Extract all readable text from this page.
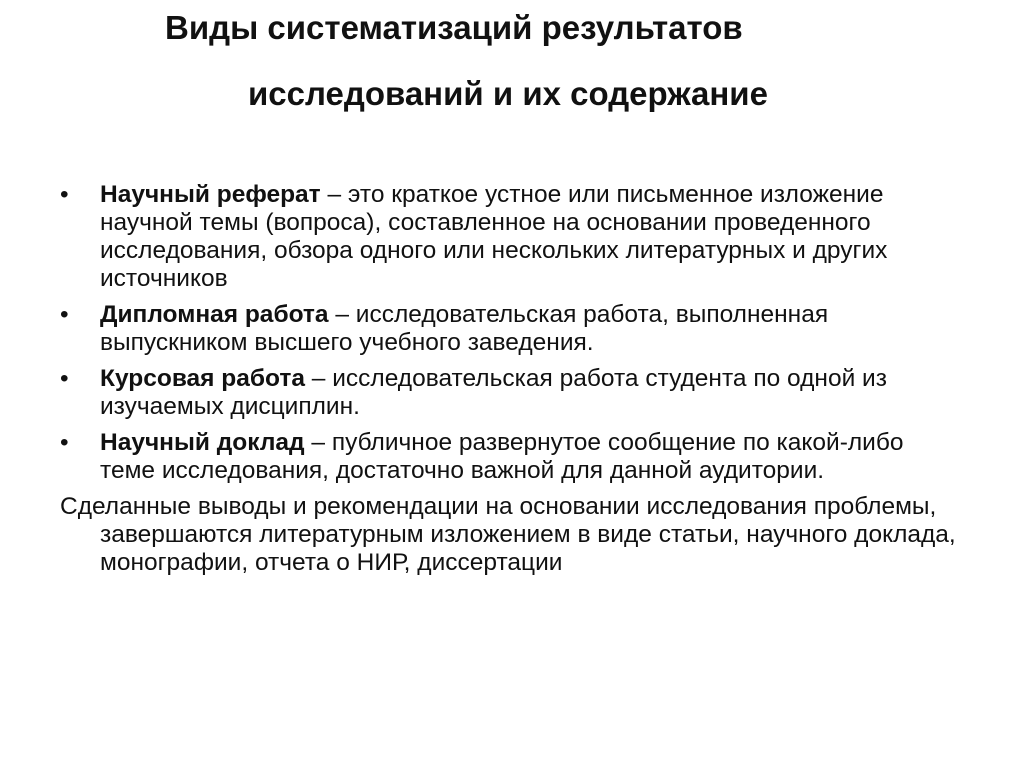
Виды систематизаций результатов
исследований и их содержание
•	Научный реферат – это краткое устное или письменное изложение научной темы (вопроса), составленное на основании проведенного исследования, обзора одного или нескольких литературных и других источников
•	Дипломная работа – исследовательская работа, выполненная выпускником высшего учебного заведения.
•	Курсовая работа – исследовательская работа студента по одной из изучаемых дисциплин.
•	Научный доклад – публичное развернутое сообщение по какой-либо теме исследования, достаточно важной для данной аудитории.
Сделанные выводы и рекомендации на основании исследования проблемы, завершаются литературным изложением в виде статьи, научного доклада, монографии, отчета о НИР, диссертации
